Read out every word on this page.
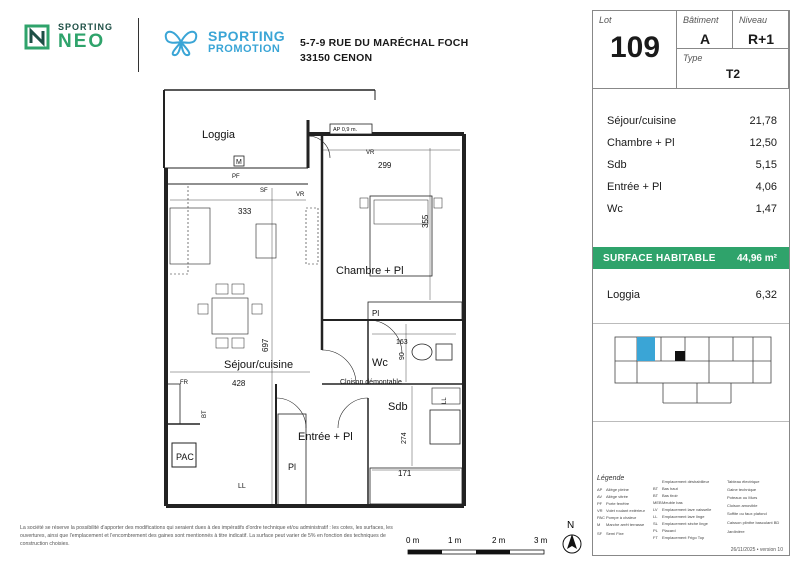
SPORTING
NEO	SPORTING
PROMOTION	5-7-9 RUE DU MARÉCHAL FOCH
33150 CENON
Loggia
M
PF
AP 0,9 m.
VR
VR
SF
299
333
355
Chambre + Pl
Pl
163
90
697
Wc
Séjour/cuisine
428	Cloison démontable
LL
FR
BT
Sdb
Entrée + Pl	274
Pl
PAC
LL
171
Lot
109
Bâtiment
A
Niveau
R+1
Type
T2
Séjour/cuisine	21,78
Chambre + Pl	12,50
Sdb	5,15
Entrée + Pl	4,06
Wc	1,47
SURFACE HABITABLE 44,96 m²
Loggia	6,32
Légende
AP Allège pleine
AV Allège vitrée
PF Porte fenêtre
VR Volet roulant extérieur
PACPompe à chaleur
M Marche arrêt terrasse
SF Semi Fixe
Emplacement déshabilleur
BT Bas haut
BT Bas tiroir
MEBMeuble bas
LV Emplacement lave vaisselle
LL Emplacement lave linge
SL Emplacement sèche linge
PL Placard
FT Emplacement Frigo Top
Tableau électrique
Gaine technique
Poteaux ou Murs
Cloison amovible
Soffite ou faux plafond
Caisson plinthe basculant BD
Jardinière
26/11/2025 • version 10
La société se réserve la possibilité d'apporter des modifications qui seraient dues à des impératifs d'ordre technique et/ou administratif : les cotes, les surfaces, les ouvertures, ainsi que l'emplacement et l'encombrement des gaines sont mentionnés à titre indicatif. La surface peut varier de 5% en fonction des techniques de construction choisies.	0 m	1 m	2 m	3 m
N
